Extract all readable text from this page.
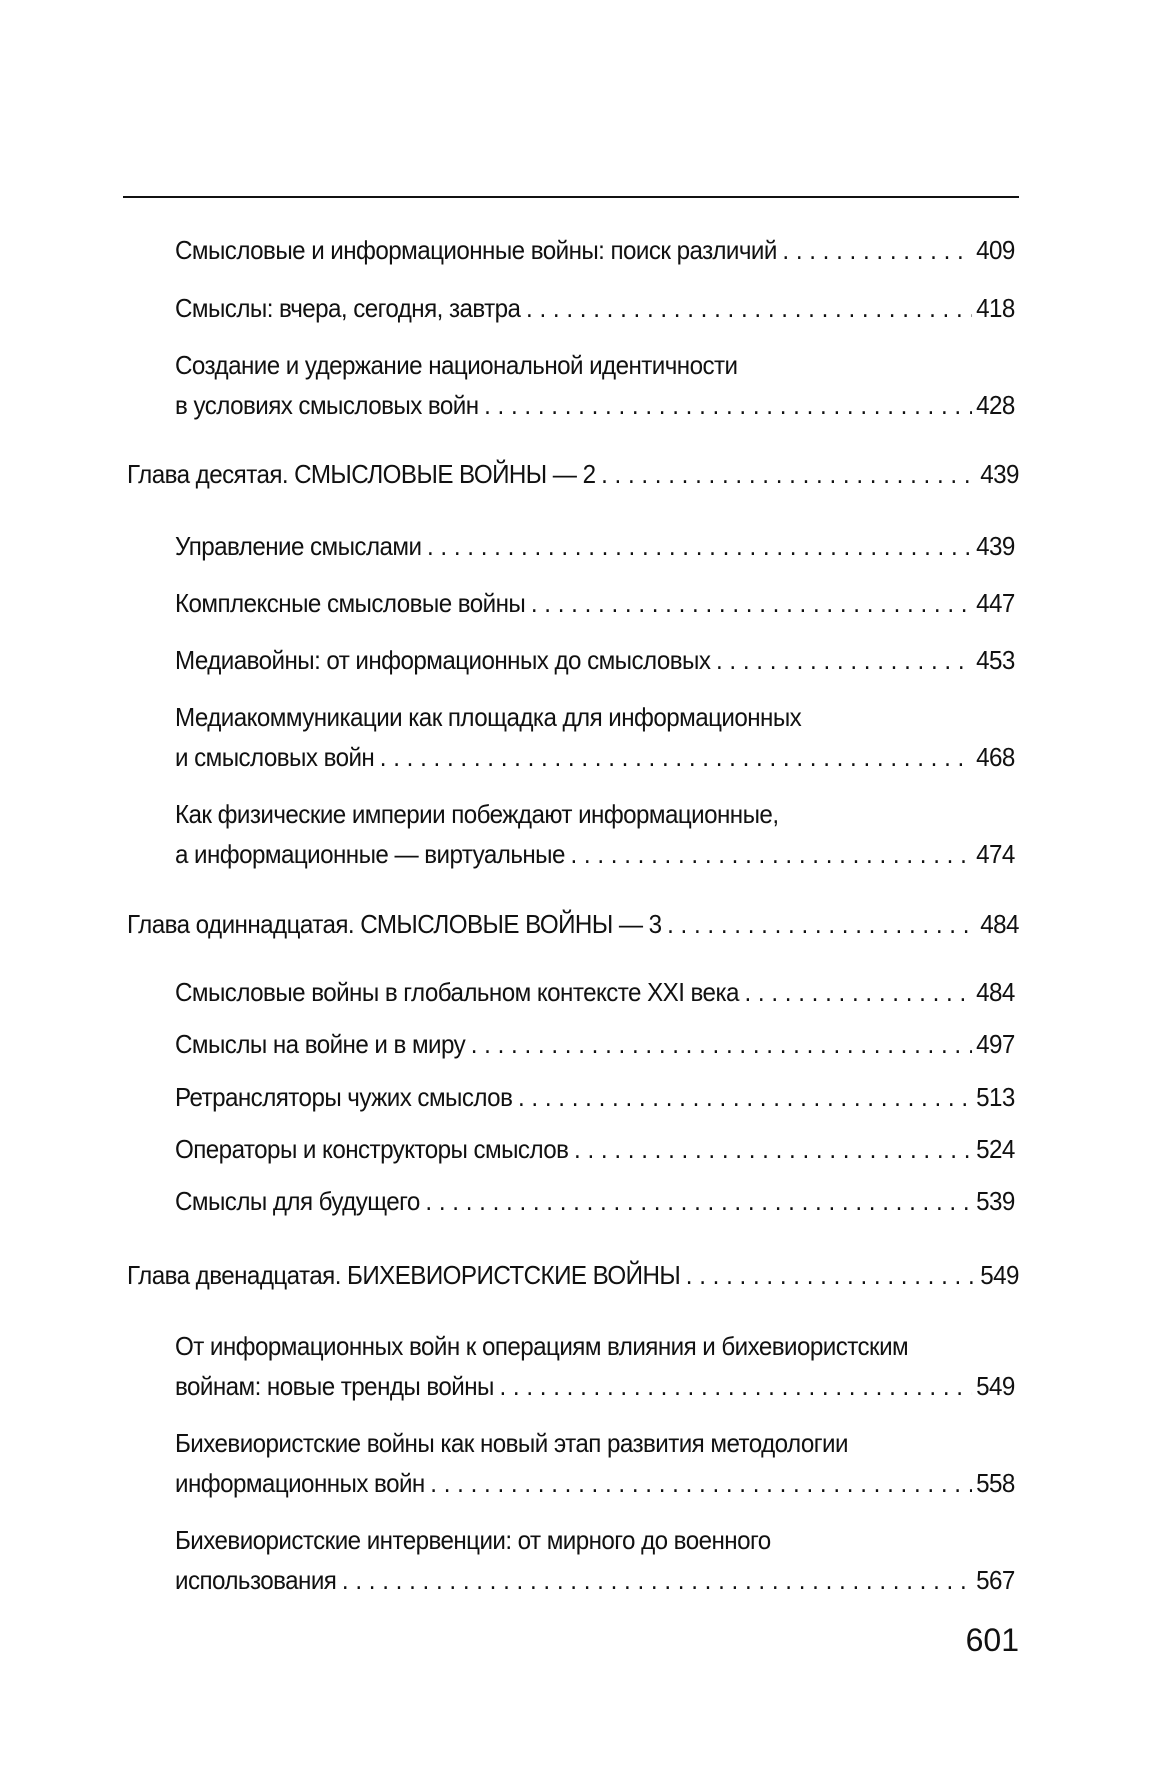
Смысловые и информационные войны: поиск различий . . .	409
Смыслы: вчера, сегодня, завтра . . .	418
Создание и удержание национальной идентичности
в условиях смысловых войн . . .	428
Глава десятая. СМЫСЛОВЫЕ ВОЙНЫ — 2 . . .	439
Управление смыслами . . .	439
Комплексные смысловые войны . . .	447
Медиавойны: от информационных до смысловых . . .	453
Медиакоммуникации как площадка для информационных
и смысловых войн . . .	468
Как физические империи побеждают информационные,
а информационные — виртуальные . . .	474
Глава одиннадцатая. СМЫСЛОВЫЕ ВОЙНЫ — 3 . . .	484
Смысловые войны в глобальном контексте XXI века . . .	484
Смыслы на войне и в миру . . .	497
Ретрансляторы чужих смыслов . . .	513
Операторы и конструкторы смыслов . . .	524
Смыслы для будущего . . .	539
Глава двенадцатая. БИХЕВИОРИСТСКИЕ ВОЙНЫ . . .	549
От информационных войн к операциям влияния и бихевиористским
войнам: новые тренды войны . . .	549
Бихевиористские войны как новый этап развития методологии
информационных войн . . .	558
Бихевиористские интервенции: от мирного до военного
использования . . .	567
601
